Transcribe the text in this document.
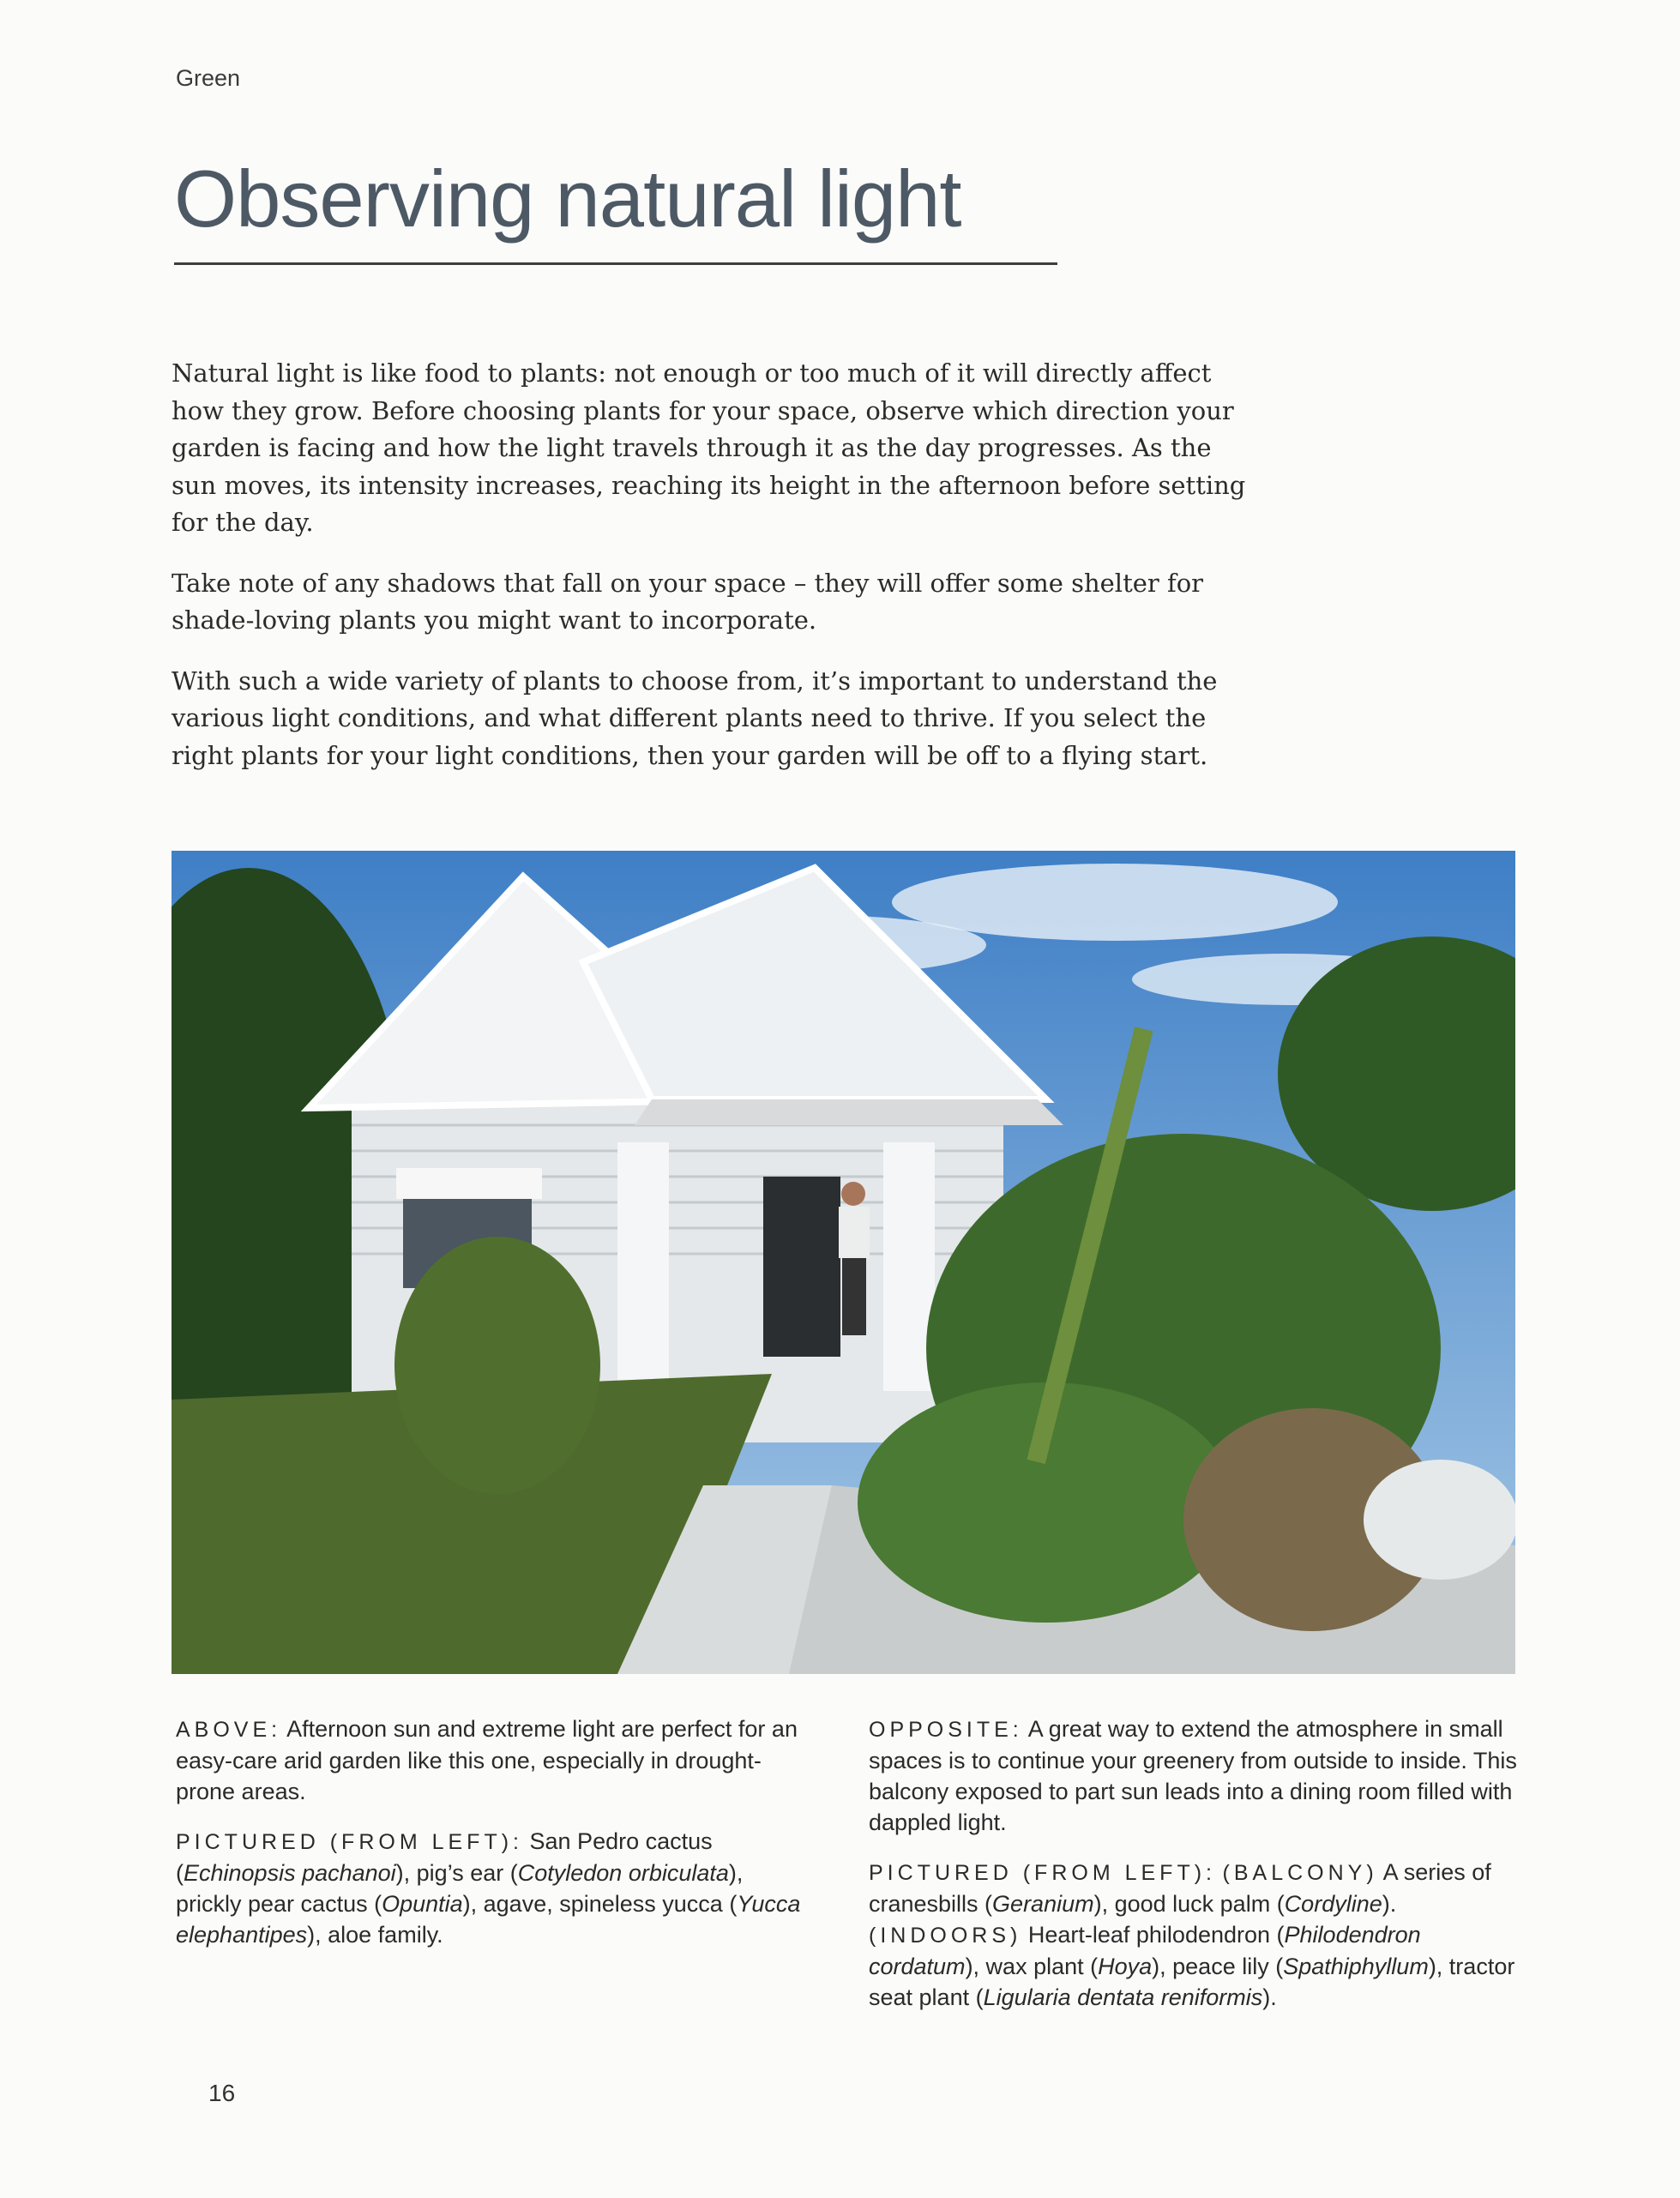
Green
Observing natural light

Natural light is like food to plants: not enough or too much of it will directly affect how they grow. Before choosing plants for your space, observe which direction your garden is facing and how the light travels through it as the day progresses. As the sun moves, its intensity increases, reaching its height in the afternoon before setting for the day.

Take note of any shadows that fall on your space – they will offer some shelter for shade-loving plants you might want to incorporate.

With such a wide variety of plants to choose from, it’s important to understand the various light conditions, and what different plants need to thrive. If you select the right plants for your light conditions, then your garden will be off to a flying start.

ABOVE: Afternoon sun and extreme light are perfect for an easy-care arid garden like this one, especially in drought-prone areas.

PICTURED (FROM LEFT): San Pedro cactus (Echinopsis pachanoi), pig’s ear (Cotyledon orbiculata), prickly pear cactus (Opuntia), agave, spineless yucca (Yucca elephantipes), aloe family.

OPPOSITE: A great way to extend the atmosphere in small spaces is to continue your greenery from outside to inside. This balcony exposed to part sun leads into a dining room filled with dappled light.

PICTURED (FROM LEFT): (BALCONY) A series of cranesbills (Geranium), good luck palm (Cordyline). (INDOORS) Heart-leaf philodendron (Philodendron cordatum), wax plant (Hoya), peace lily (Spathiphyllum), tractor seat plant (Ligularia dentata reniformis).

16
